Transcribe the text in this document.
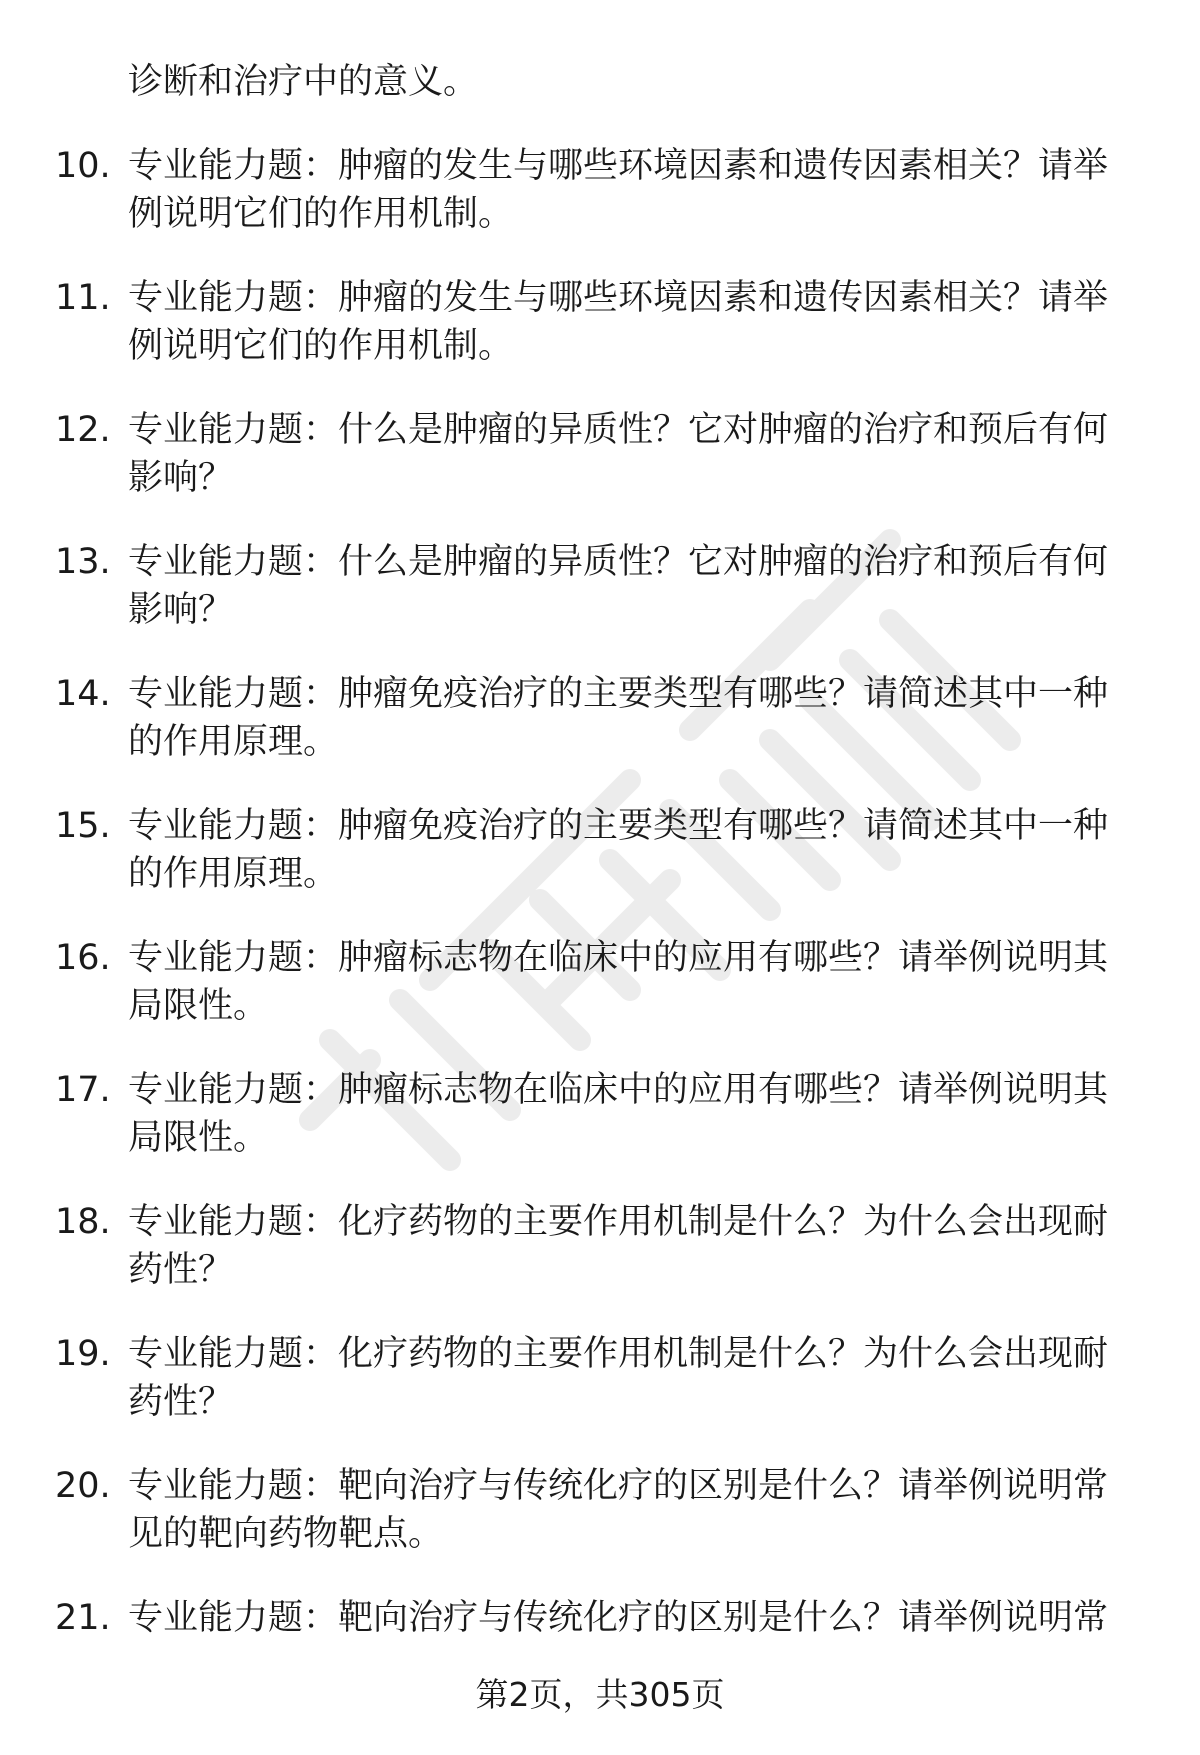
诊断和治疗中的意义。
10. 专业能力题：肿瘤的发生与哪些环境因素和遗传因素相关？请举
例说明它们的作用机制。
11. 专业能力题：肿瘤的发生与哪些环境因素和遗传因素相关？请举
例说明它们的作用机制。
12. 专业能力题：什么是肿瘤的异质性？它对肿瘤的治疗和预后有何
影响？
13. 专业能力题：什么是肿瘤的异质性？它对肿瘤的治疗和预后有何
影响？
14. 专业能力题：肿瘤免疫治疗的主要类型有哪些？请简述其中一种
的作用原理。
15. 专业能力题：肿瘤免疫治疗的主要类型有哪些？请简述其中一种
的作用原理。
16. 专业能力题：肿瘤标志物在临床中的应用有哪些？请举例说明其
局限性。
17. 专业能力题：肿瘤标志物在临床中的应用有哪些？请举例说明其
局限性。
18. 专业能力题：化疗药物的主要作用机制是什么？为什么会出现耐
药性？
19. 专业能力题：化疗药物的主要作用机制是什么？为什么会出现耐
药性？
20. 专业能力题：靶向治疗与传统化疗的区别是什么？请举例说明常
见的靶向药物靶点。
21. 专业能力题：靶向治疗与传统化疗的区别是什么？请举例说明常
第2页，共305页
